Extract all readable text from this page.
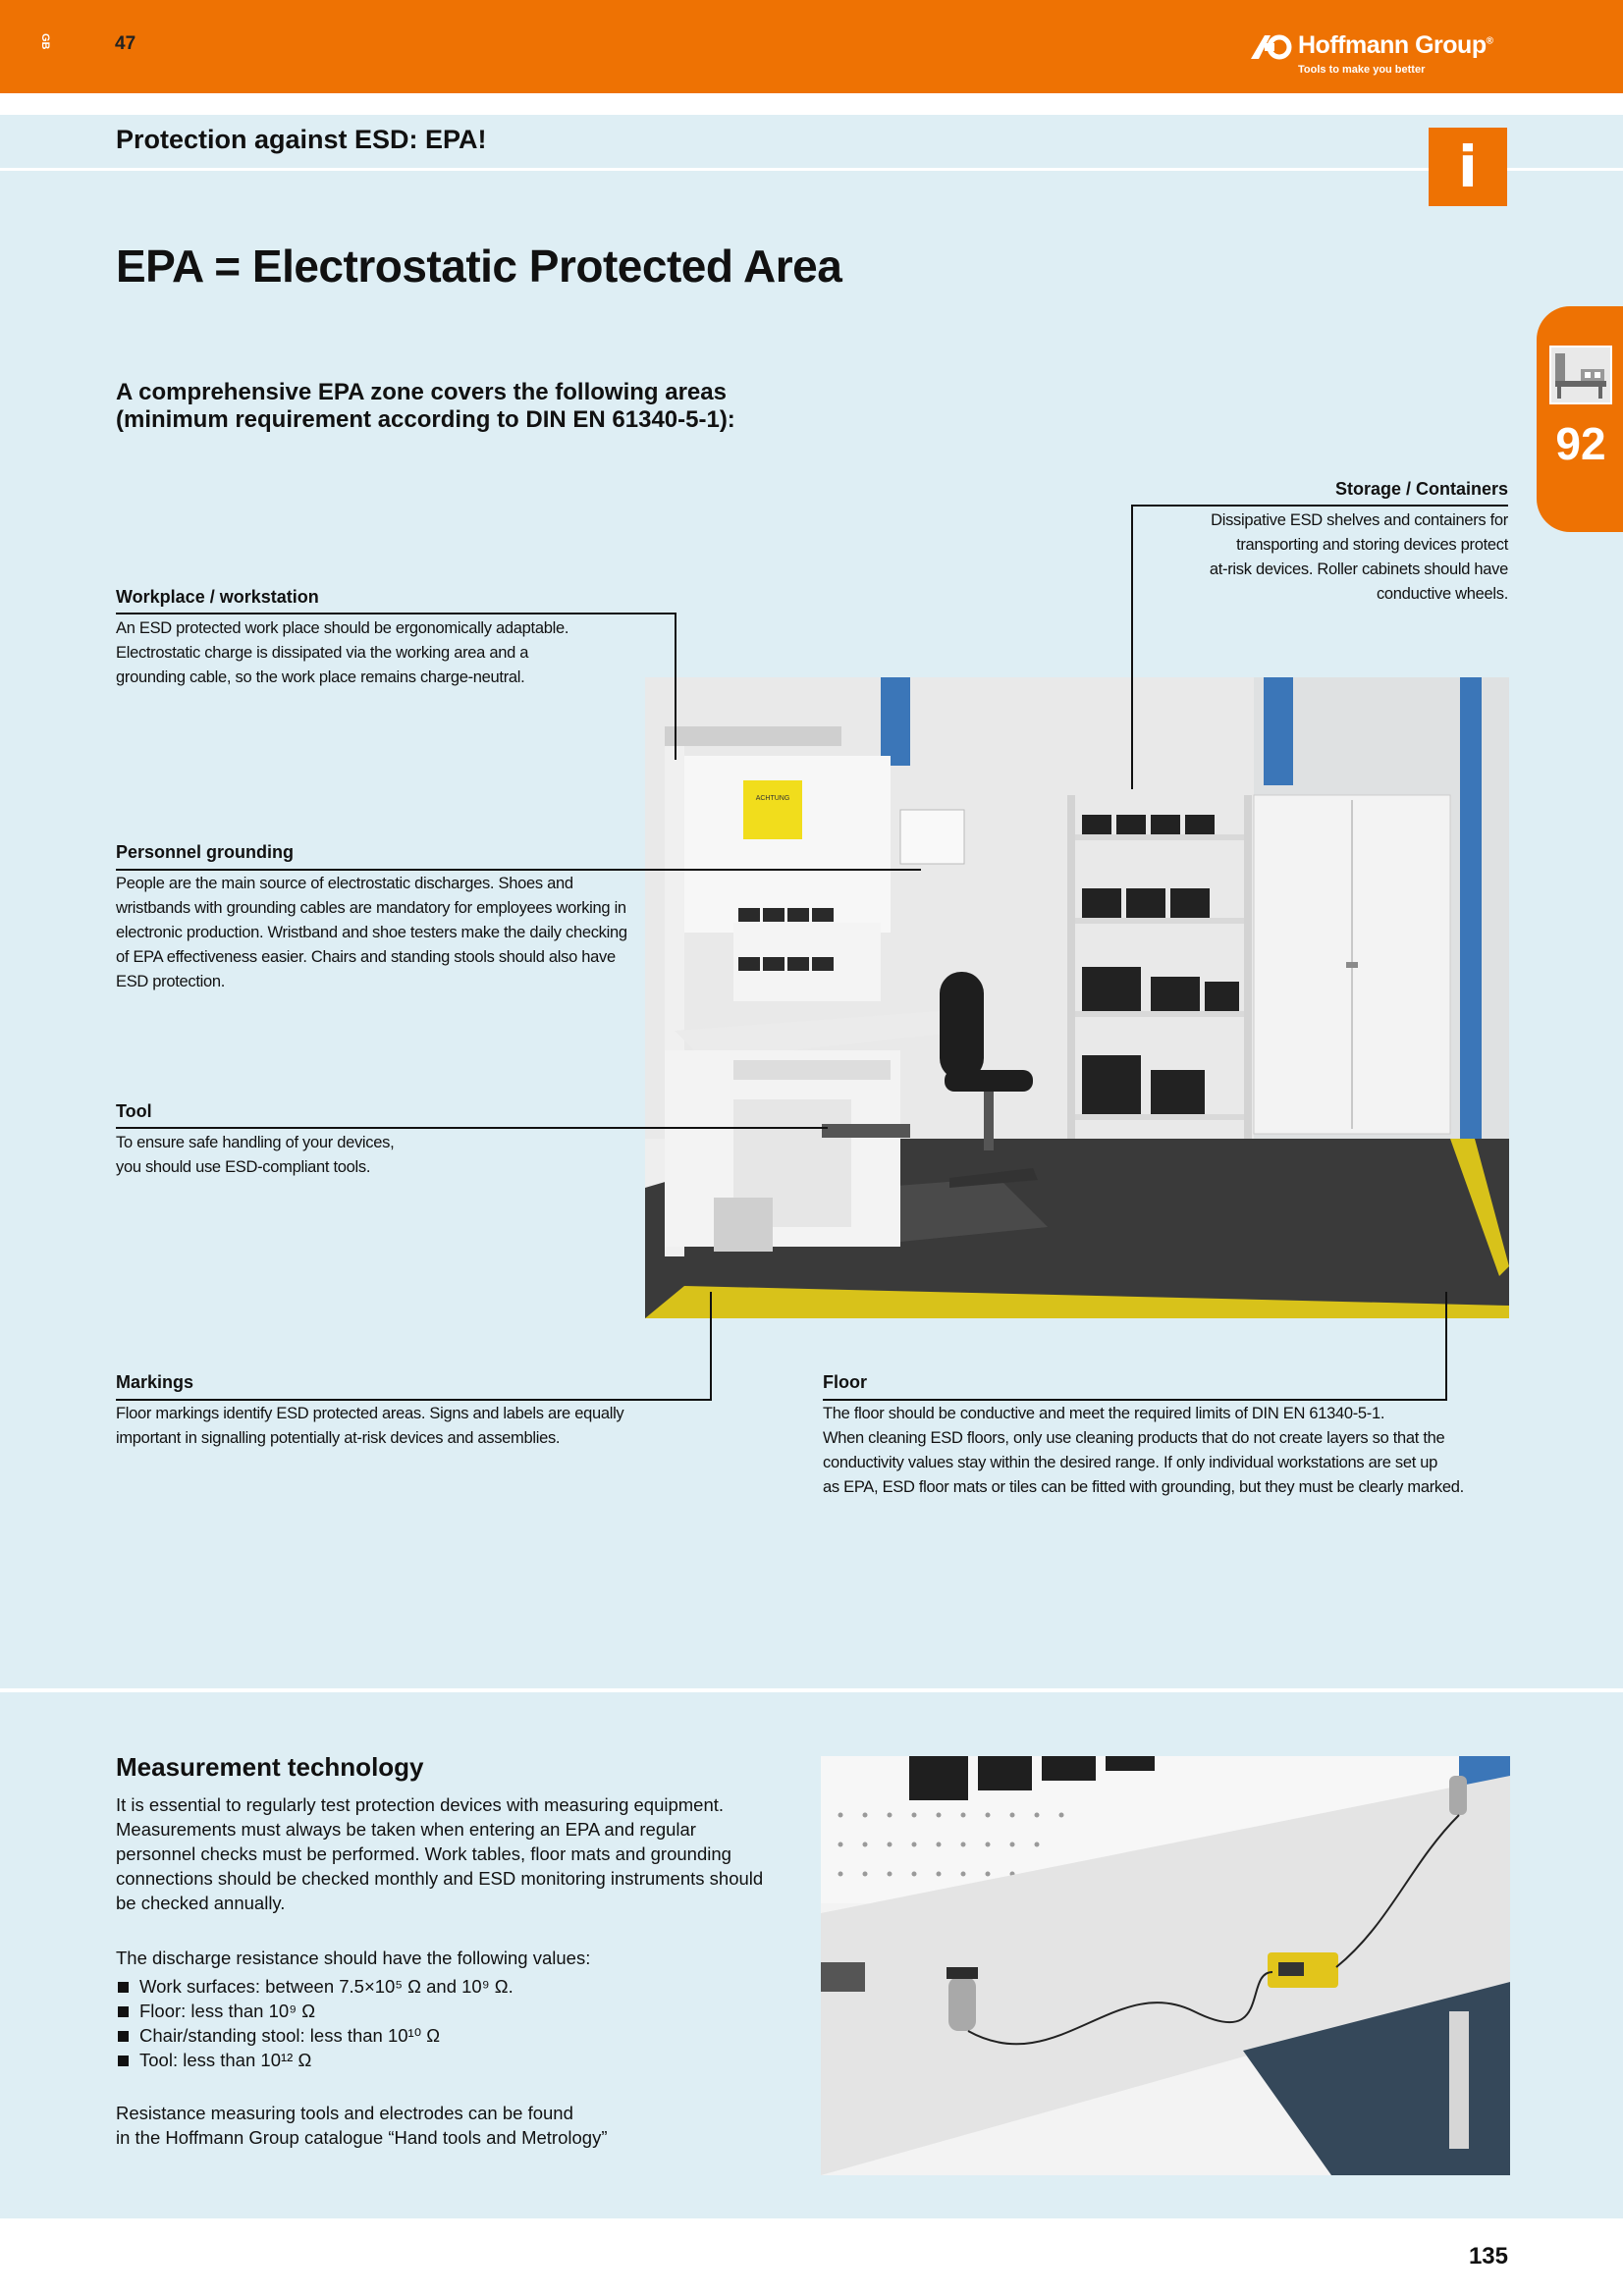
GB	47	Hoffmann Group®
Tools to make you better
Protection against ESD: EPA!	i
92
EPA = Electrostatic Protected Area
A comprehensive EPA zone covers the following areas
(minimum requirement according to DIN EN 61340-5-1):
Storage / Containers
Dissipative ESD shelves and containers for
transporting and storing devices protect
at-risk devices. Roller cabinets should have
conductive wheels.
Workplace / workstation
An ESD protected work place should be ergonomically adaptable.
Electrostatic charge is dissipated via the working area and a
grounding cable, so the work place remains charge-neutral.
Personnel grounding
People are the main source of electrostatic discharges. Shoes and
wristbands with grounding cables are mandatory for employees working in
electronic production. Wristband and shoe testers make the daily checking
of EPA effectiveness easier. Chairs and standing stools should also have
ESD protection.
Tool
To ensure safe handling of your devices,
you should use ESD-compliant tools.
Markings
Floor markings identify ESD protected areas. Signs and labels are equally
important in signalling potentially at-risk devices and assemblies.
Floor
The floor should be conductive and meet the required limits of DIN EN 61340-5-1.
When cleaning ESD floors, only use cleaning products that do not create layers so that the
conductivity values stay within the desired range. If only individual workstations are set up
as EPA, ESD floor mats or tiles can be fitted with grounding, but they must be clearly marked.
ACHTUNG
Measurement technology
It is essential to regularly test protection devices with measuring equipment.
Measurements must always be taken when entering an EPA and regular
personnel checks must be performed. Work tables, floor mats and grounding
connections should be checked monthly and ESD monitoring instruments should
be checked annually.
The discharge resistance should have the following values:
Work surfaces: between 7.5×10⁵ Ω and 10⁹ Ω.
Floor: less than 10⁹ Ω
Chair/standing stool: less than 10¹⁰ Ω
Tool: less than 10¹² Ω
Resistance measuring tools and electrodes can be found
in the Hoffmann Group catalogue “Hand tools and Metrology”
135
